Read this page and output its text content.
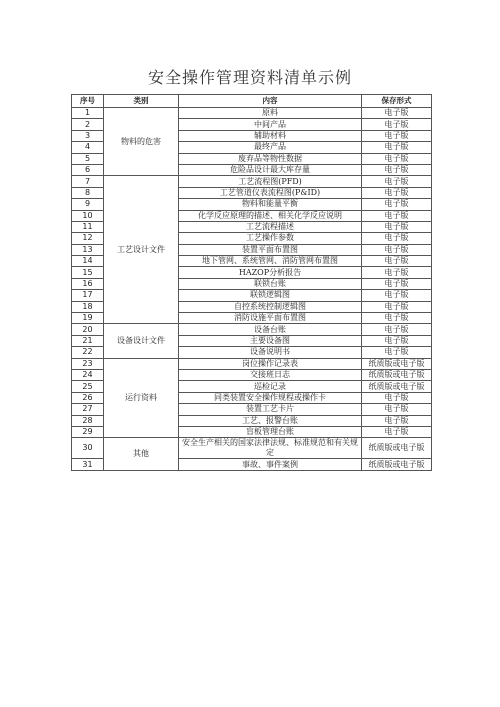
安全操作管理资料清单示例
序号	类别	内容	保存形式
1	物料的危害	原料	电子版
2		中间产品	电子版
3		辅助材料	电子版
4		最终产品	电子版
5		废弃品等物性数据	电子版
6		危险品设计最大库存量	电子版
7	工艺设计文件	工艺流程图(PFD)	电子版
8		工艺管道仪表流程图(P&ID)	电子版
9		物料和能量平衡	电子版
10		化学反应原理的描述、相关化学反应说明	电子版
11		工艺流程描述	电子版
12		工艺操作参数	电子版
13		装置平面布置图	电子版
14		地下管网、系统管网、消防管网布置图	电子版
15		HAZOP分析报告	电子版
16		联锁台账	电子版
17		联锁逻辑图	电子版
18		自控系统控制逻辑图	电子版
19		消防设施平面布置图	电子版
20	设备设计文件	设备台账	电子版
21		主要设备图	电子版
22		设备说明书	电子版
23	运行资料	岗位操作记录表	纸质版或电子版
24		交接班日志	纸质版或电子版
25		巡检记录	纸质版或电子版
26		同类装置安全操作规程或操作卡	电子版
27		装置工艺卡片	电子版
28		工艺、报警台账	电子版
29		盲板管理台账	电子版
30	其他	安全生产相关的国家法律法规、标准规范和有关规定	纸质版或电子版
31		事故、事件案例	纸质版或电子版
